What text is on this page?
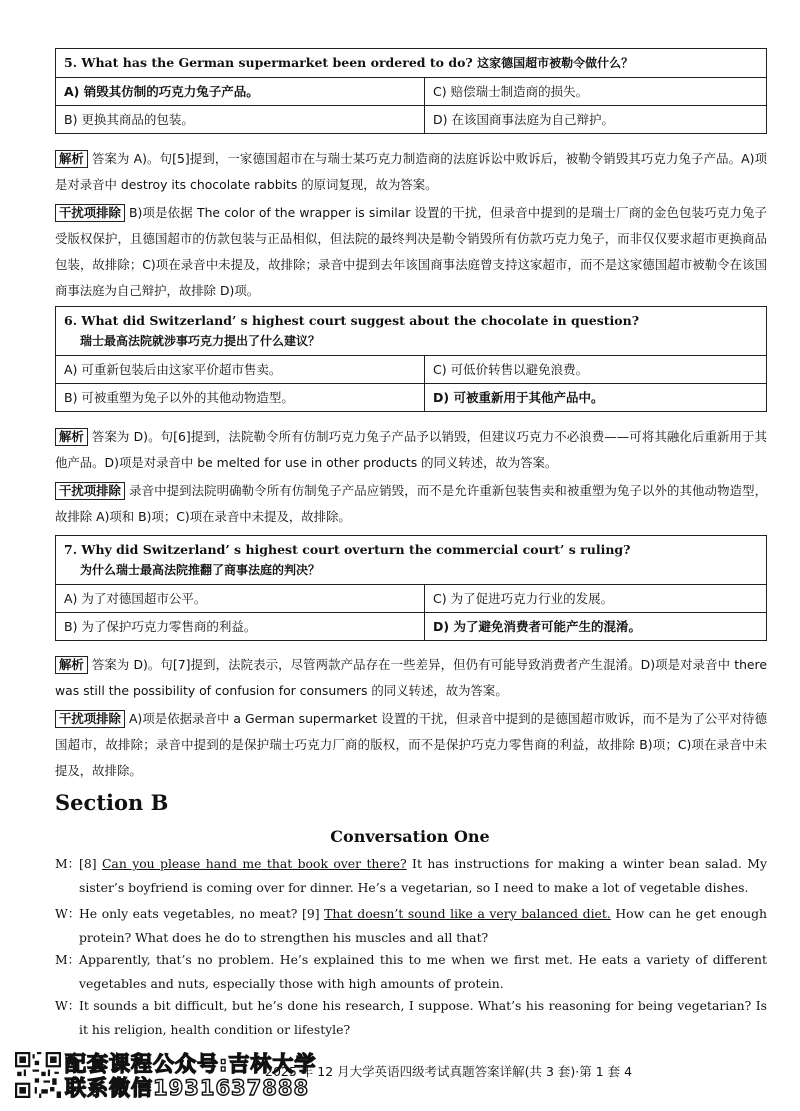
5. What has the German supermarket been ordered to do? 这家德国超市被勒令做什么？
A) 销毁其仿制的巧克力兔子产品。	C) 赔偿瑞士制造商的损失。
B) 更换其商品的包装。	D) 在该国商事法庭为自己辩护。
解析 答案为 A)。句[5]提到，一家德国超市在与瑞士某巧克力制造商的法庭诉讼中败诉后，被勒令销毁其巧克力兔子产品。A)项是对录音中 destroy its chocolate rabbits 的原词复现，故为答案。
干扰项排除 B)项是依据 The color of the wrapper is similar 设置的干扰，但录音中提到的是瑞士厂商的金色包装巧克力兔子受版权保护，且德国超市的仿款包装与正品相似，但法院的最终判决是勒令销毁所有仿款巧克力兔子，而非仅仅要求超市更换商品包装，故排除；C)项在录音中未提及，故排除；录音中提到去年该国商事法庭曾支持这家超市，而不是这家德国超市被勒令在该国商事法庭为自己辩护，故排除 D)项。
6. What did Switzerland’ s highest court suggest about the chocolate in question?
瑞士最高法院就涉事巧克力提出了什么建议？
A) 可重新包装后由这家平价超市售卖。	C) 可低价转售以避免浪费。
B) 可被重塑为兔子以外的其他动物造型。	D) 可被重新用于其他产品中。
解析 答案为 D)。句[6]提到，法院勒令所有仿制巧克力兔子产品予以销毁，但建议巧克力不必浪费——可将其融化后重新用于其他产品。D)项是对录音中 be melted for use in other products 的同义转述，故为答案。
干扰项排除 录音中提到法院明确勒令所有仿制兔子产品应销毁，而不是允许重新包装售卖和被重塑为兔子以外的其他动物造型，故排除 A)项和 B)项；C)项在录音中未提及，故排除。
7. Why did Switzerland’ s highest court overturn the commercial court’ s ruling?
为什么瑞士最高法院推翻了商事法庭的判决？
A) 为了对德国超市公平。	C) 为了促进巧克力行业的发展。
B) 为了保护巧克力零售商的利益。	D) 为了避免消费者可能产生的混淆。
解析 答案为 D)。句[7]提到，法院表示，尽管两款产品存在一些差异，但仍有可能导致消费者产生混淆。D)项是对录音中 there was still the possibility of confusion for consumers 的同义转述，故为答案。
干扰项排除 A)项是依据录音中 a German supermarket 设置的干扰，但录音中提到的是德国超市败诉，而不是为了公平对待德国超市，故排除；录音中提到的是保护瑞士巧克力厂商的版权，而不是保护巧克力零售商的利益，故排除 B)项；C)项在录音中未提及，故排除。
Section B
Conversation One
M：
[8] Can you please hand me that book over there? It has instructions for making a winter bean salad. My sister’s boyfriend is coming over for dinner. He’s a vegetarian, so I need to make a lot of vegetable dishes.
W：
He only eats vegetables, no meat? [9] That doesn’t sound like a very balanced diet. How can he get enough protein? What does he do to strengthen his muscles and all that?
M：
Apparently, that’s no problem. He’s explained this to me when we first met. He eats a variety of different vegetables and nuts, especially those with high amounts of protein.
W：
It sounds a bit difficult, but he’s done his research, I suppose. What’s his reasoning for being vegetarian? Is it his religion, health condition or lifestyle?
2025 年 12 月大学英语四级考试真题答案详解(共 3 套)·第 1 套 4
配套课程公众号:吉林大学
联系微信1931637888
